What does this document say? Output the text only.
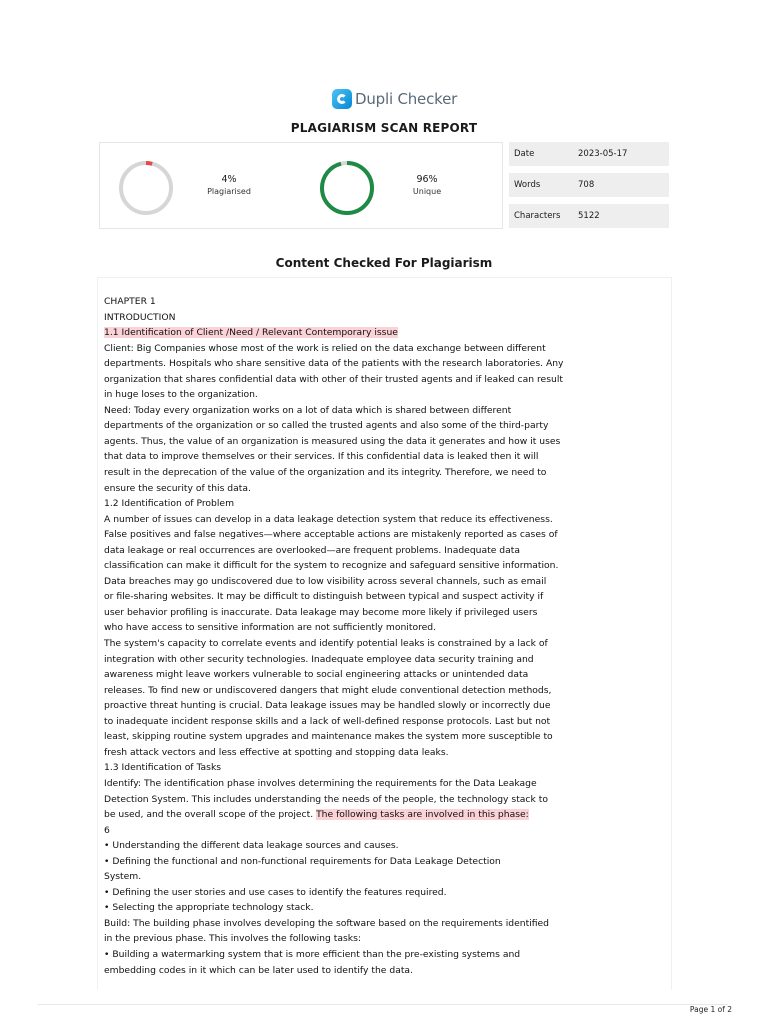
Dupli Checker
PLAGIARISM SCAN REPORT
4%
Plagiarised
96%
Unique
Date	2023-05-17
Words	708
Characters 5122
Content Checked For Plagiarism
CHAPTER 1
INTRODUCTION
1.1 Identification of Client /Need / Relevant Contemporary issue
Client: Big Companies whose most of the work is relied on the data exchange between different
departments. Hospitals who share sensitive data of the patients with the research laboratories. Any
organization that shares confidential data with other of their trusted agents and if leaked can result
in huge loses to the organization.
Need: Today every organization works on a lot of data which is shared between different
departments of the organization or so called the trusted agents and also some of the third-party
agents. Thus, the value of an organization is measured using the data it generates and how it uses
that data to improve themselves or their services. If this confidential data is leaked then it will
result in the deprecation of the value of the organization and its integrity. Therefore, we need to
ensure the security of this data.
1.2 Identification of Problem
A number of issues can develop in a data leakage detection system that reduce its effectiveness.
False positives and false negatives—where acceptable actions are mistakenly reported as cases of
data leakage or real occurrences are overlooked—are frequent problems. Inadequate data
classification can make it difficult for the system to recognize and safeguard sensitive information.
Data breaches may go undiscovered due to low visibility across several channels, such as email
or file-sharing websites. It may be difficult to distinguish between typical and suspect activity if
user behavior profiling is inaccurate. Data leakage may become more likely if privileged users
who have access to sensitive information are not sufficiently monitored.
The system's capacity to correlate events and identify potential leaks is constrained by a lack of
integration with other security technologies. Inadequate employee data security training and
awareness might leave workers vulnerable to social engineering attacks or unintended data
releases. To find new or undiscovered dangers that might elude conventional detection methods,
proactive threat hunting is crucial. Data leakage issues may be handled slowly or incorrectly due
to inadequate incident response skills and a lack of well-defined response protocols. Last but not
least, skipping routine system upgrades and maintenance makes the system more susceptible to
fresh attack vectors and less effective at spotting and stopping data leaks.
1.3 Identification of Tasks
Identify: The identification phase involves determining the requirements for the Data Leakage
Detection System. This includes understanding the needs of the people, the technology stack to
be used, and the overall scope of the project. The following tasks are involved in this phase:
6
• Understanding the different data leakage sources and causes.
• Defining the functional and non-functional requirements for Data Leakage Detection
System.
• Defining the user stories and use cases to identify the features required.
• Selecting the appropriate technology stack.
Build: The building phase involves developing the software based on the requirements identified
in the previous phase. This involves the following tasks:
• Building a watermarking system that is more efficient than the pre-existing systems and
embedding codes in it which can be later used to identify the data.
Page 1 of 2
